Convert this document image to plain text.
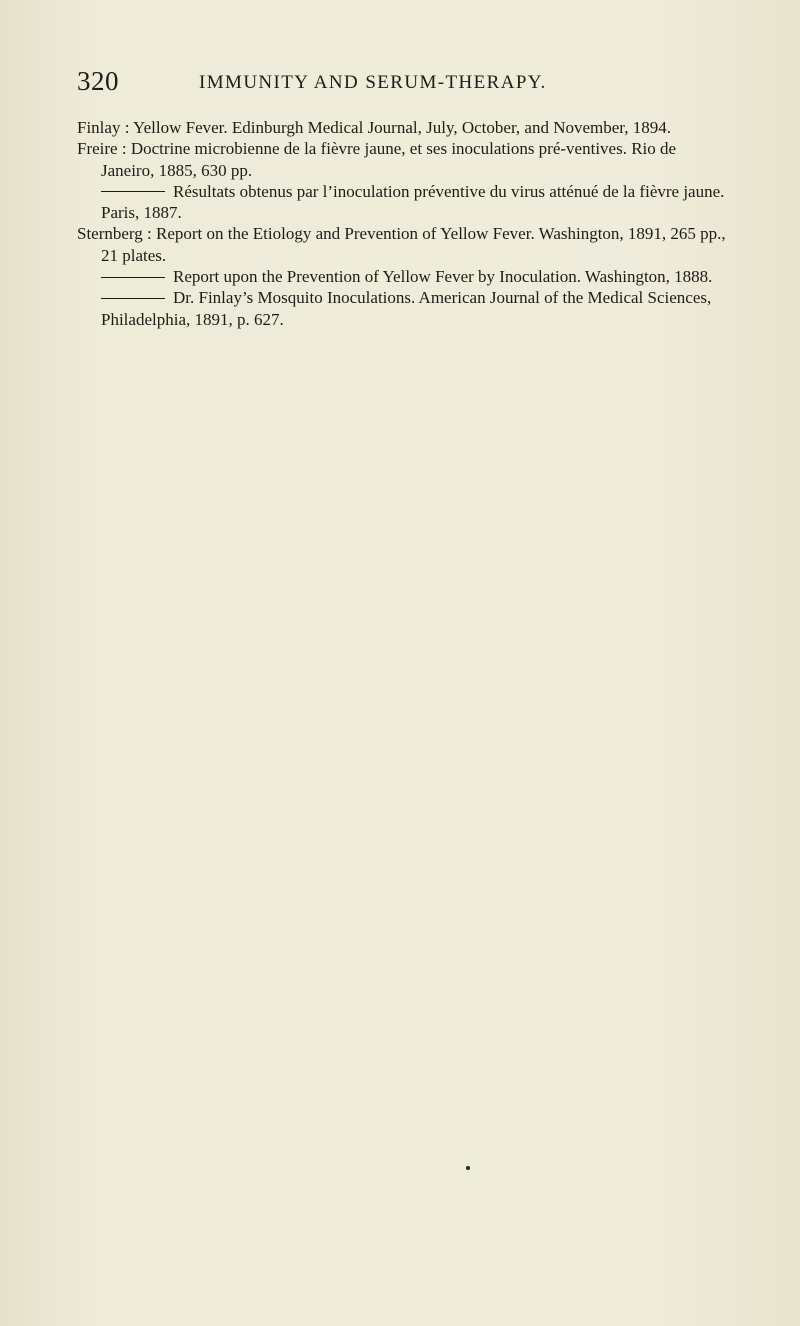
320	IMMUNITY AND SERUM-THERAPY.

Finlay : Yellow Fever. Edinburgh Medical Journal, July, October, and November, 1894.

Freire : Doctrine microbienne de la fièvre jaune, et ses inoculations pré-ventives. Rio de Janeiro, 1885, 630 pp.

Résultats obtenus par l’inoculation préventive du virus atténué de la fièvre jaune. Paris, 1887.

Sternberg : Report on the Etiology and Prevention of Yellow Fever. Washington, 1891, 265 pp., 21 plates.

Report upon the Prevention of Yellow Fever by Inoculation. Washington, 1888.

Dr. Finlay’s Mosquito Inoculations. American Journal of the Medical Sciences, Philadelphia, 1891, p. 627.
